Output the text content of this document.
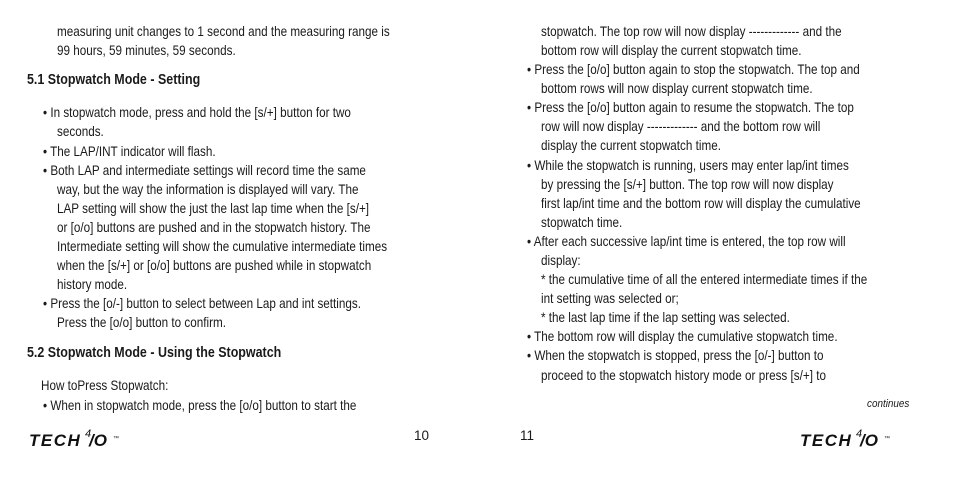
measuring unit changes to 1 second and the measuring range is
99 hours, 59 minutes, 59 seconds.
5.1 Stopwatch Mode - Setting
• In stopwatch mode, press and hold the [s/+] button for two
seconds.
• The LAP/INT indicator will flash.
• Both LAP and intermediate settings will record time the same
way, but the way the information is displayed will vary. The
LAP setting will show the just the last lap time when the [s/+]
or [o/o] buttons are pushed and in the stopwatch history. The
Intermediate setting will show the cumulative intermediate times
when the [s/+] or [o/o] buttons are pushed while in stopwatch
history mode.
• Press the [o/-] button to select between Lap and int settings.
Press the [o/o] button to confirm.
5.2 Stopwatch Mode - Using the Stopwatch
How toPress Stopwatch:
• When in stopwatch mode, press the [o/o] button to start the
TECH 4
/O ™	10
stopwatch. The top row will now display ------------- and the
bottom row will display the current stopwatch time.
• Press the [o/o] button again to stop the stopwatch. The top and
bottom rows will now display current stopwatch time.
• Press the [o/o] button again to resume the stopwatch. The top
row will now display ------------- and the bottom row will
display the current stopwatch time.
• While the stopwatch is running, users may enter lap/int times
by pressing the [s/+] button. The top row will now display
first lap/int time and the bottom row will display the cumulative
stopwatch time.
• After each successive lap/int time is entered, the top row will
display:
* the cumulative time of all the entered intermediate times if the
int setting was selected or;
* the last lap time if the lap setting was selected.
• The bottom row will display the cumulative stopwatch time.
• When the stopwatch is stopped, press the [o/-] button to
proceed to the stopwatch history mode or press [s/+] to
continues
11	TECH 4
/O ™
